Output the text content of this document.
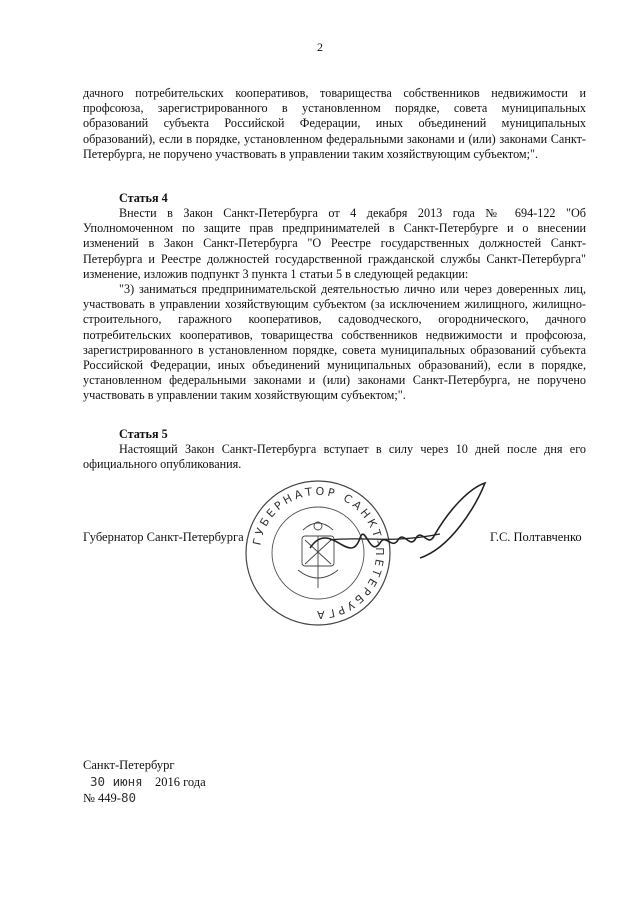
2
дачного потребительских кооперативов, товарищества собственников недвижимости и профсоюза, зарегистрированного в установленном порядке, совета муниципальных образований субъекта Российской Федерации, иных объединений муниципальных образований), если в порядке, установленном федеральными законами и (или) законами Санкт-Петербурга, не поручено участвовать в управлении таким хозяйствующим субъектом;".
Статья 4
Внести в Закон Санкт-Петербурга от 4 декабря 2013 года № 694-122 "Об Уполномоченном по защите прав предпринимателей в Санкт-Петербурге и о внесении изменений в Закон Санкт-Петербурга "О Реестре государственных должностей Санкт-Петербурга и Реестре должностей государственной гражданской службы Санкт-Петербурга" изменение, изложив подпункт 3 пункта 1 статьи 5 в следующей редакции:
"3) заниматься предпринимательской деятельностью лично или через доверенных лиц, участвовать в управлении хозяйствующим субъектом (за исключением жилищного, жилищно-строительного, гаражного кооперативов, садоводческого, огороднического, дачного потребительских кооперативов, товарищества собственников недвижимости и профсоюза, зарегистрированного в установленном порядке, совета муниципальных образований субъекта Российской Федерации, иных объединений муниципальных образований), если в порядке, установленном федеральными законами и (или) законами Санкт-Петербурга, не поручено участвовать в управлении таким хозяйствующим субъектом;".
Статья 5
Настоящий Закон Санкт-Петербурга вступает в силу через 10 дней после дня его официального опубликования.
ГУБЕРНАТОР САНКТ-ПЕТЕРБУРГА
Губернатор Санкт-Петербурга	Г.С. Полтавченко
Санкт-Петербург
30 июня 2016 года
№ 449-80
